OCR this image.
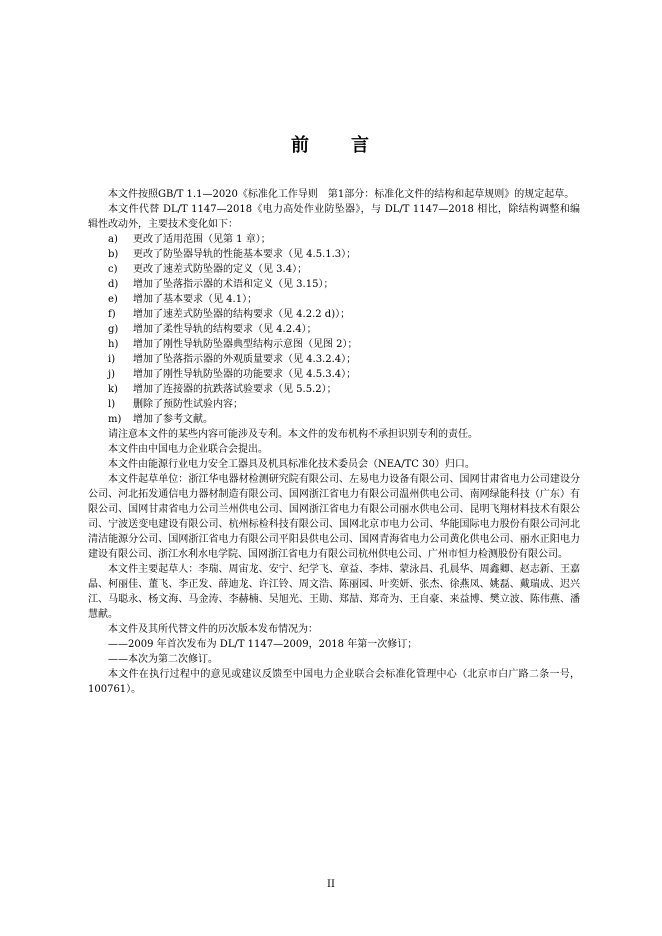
前　　言

本文件按照GB/T 1.1—2020《标准化工作导则　第1部分：标准化文件的结构和起草规则》的规定起草。

本文件代替 DL/T 1147—2018《电力高处作业防坠器》，与 DL/T 1147—2018 相比，除结构调整和编辑性改动外，主要技术变化如下：

a)	更改了适用范围（见第 1 章）；
b)	更改了防坠器导轨的性能基本要求（见 4.5.1.3）；
c)	更改了速差式防坠器的定义（见 3.4）；
d)	增加了坠落指示器的术语和定义（见 3.15）；
e)	增加了基本要求（见 4.1）；
f)	增加了速差式防坠器的结构要求（见 4.2.2 d)）；
g)	增加了柔性导轨的结构要求（见 4.2.4）；
h)	增加了刚性导轨防坠器典型结构示意图（见图 2）；
i)	增加了坠落指示器的外观质量要求（见 4.3.2.4）；
j)	增加了刚性导轨防坠器的功能要求（见 4.5.3.4）；
k)	增加了连接器的抗跌落试验要求（见 5.5.2）；
l)	删除了预防性试验内容；
m)	增加了参考文献。

请注意本文件的某些内容可能涉及专利。本文件的发布机构不承担识别专利的责任。

本文件由中国电力企业联合会提出。

本文件由能源行业电力安全工器具及机具标准化技术委员会（NEA/TC 30）归口。

本文件起草单位：浙江华电器材检测研究院有限公司、左易电力设备有限公司、国网甘肃省电力公司建设分公司、河北拓发通信电力器材制造有限公司、国网浙江省电力有限公司温州供电公司、南网绿能科技（广东）有限公司、国网甘肃省电力公司兰州供电公司、国网浙江省电力有限公司丽水供电公司、昆明飞翔材料技术有限公司、宁波送变电建设有限公司、杭州标检科技有限公司、国网北京市电力公司、华能国际电力股份有限公司河北清洁能源分公司、国网浙江省电力有限公司平阳县供电公司、国网青海省电力公司黄化供电公司、丽水正阳电力建设有限公司、浙江水利水电学院、国网浙江省电力有限公司杭州供电公司、广州市恒力检测股份有限公司。

本文件主要起草人：李瑞、周宙龙、安宁、纪学飞、章益、李炜、蒙泳昌、孔晨华、周鑫卿、赵志新、王嘉晶、柯丽佳、董飞、李正发、薛迪龙、许江铃、周文浩、陈丽园、叶奕妍、张杰、徐燕凤、姚磊、戴瑞成、迟兴江、马聪永、杨文海、马金涛、李赫楠、吴旭光、王勋、郑喆、郑奇为、王自豪、来益博、樊立波、陈伟燕、潘慧献。

本文件及其所代替文件的历次版本发布情况为：

——2009 年首次发布为 DL/T 1147—2009，2018 年第一次修订；

——本次为第二次修订。

本文件在执行过程中的意见或建议反馈至中国电力企业联合会标准化管理中心（北京市白广路二条一号，100761）。

II
